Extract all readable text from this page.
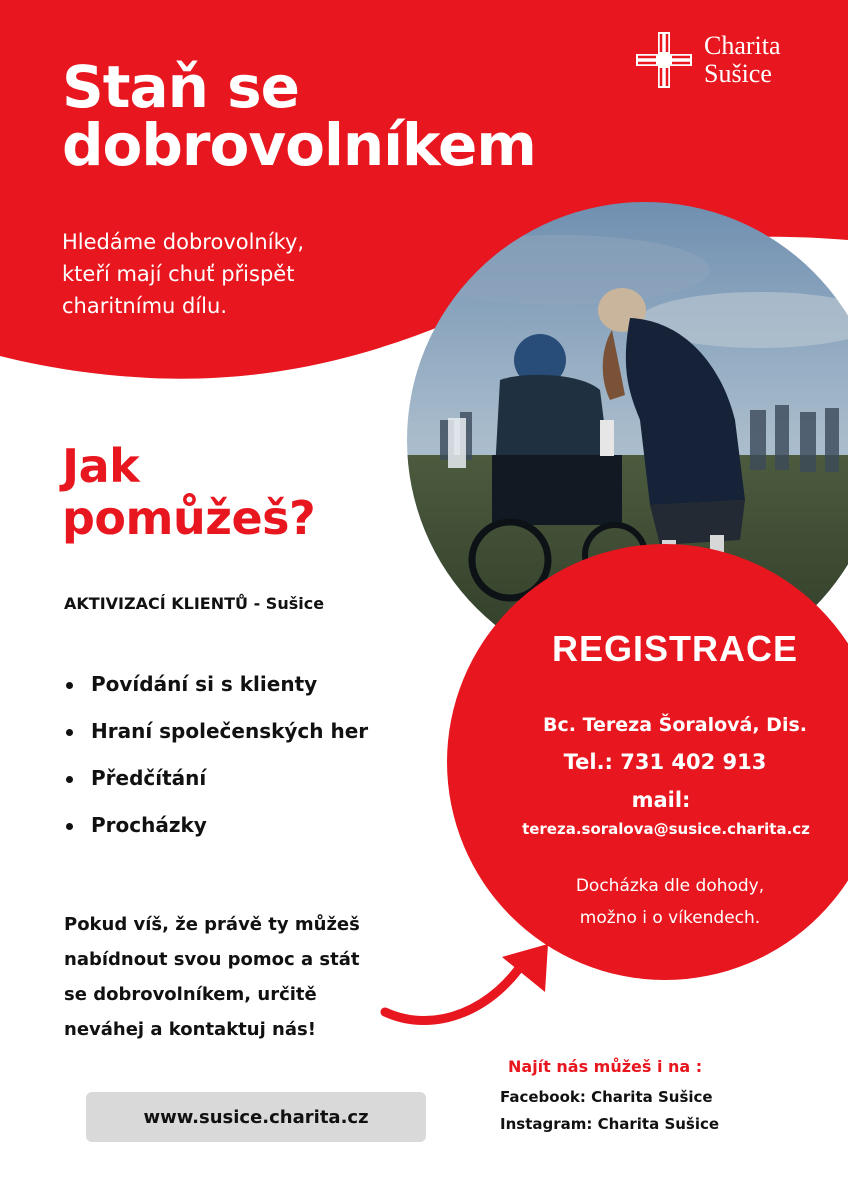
Charita
Sušice
Staň se
dobrovolníkem

Hledáme dobrovolníky,
kteří mají chuť přispět
charitnímu dílu.

Jak
pomůžeš?
AKTIVIZACÍ KLIENTŮ - Sušice
Povídání si s klienty
Hraní společenských her
Předčítání
Procházky

Pokud víš, že právě ty můžeš
nabídnout svou pomoc a stát
se dobrovolníkem, určitě
neváhej a kontaktuj nás!

www.susice.charita.cz
REGISTRACE
Bc. Tereza Šoralová, Dis.
Tel.: 731 402 913
mail:
tereza.soralova@susice.charita.cz

Docházka dle dohody,
možno i o víkendech.

Najít nás můžeš i na :
Facebook: Charita Sušice
Instagram: Charita Sušice
